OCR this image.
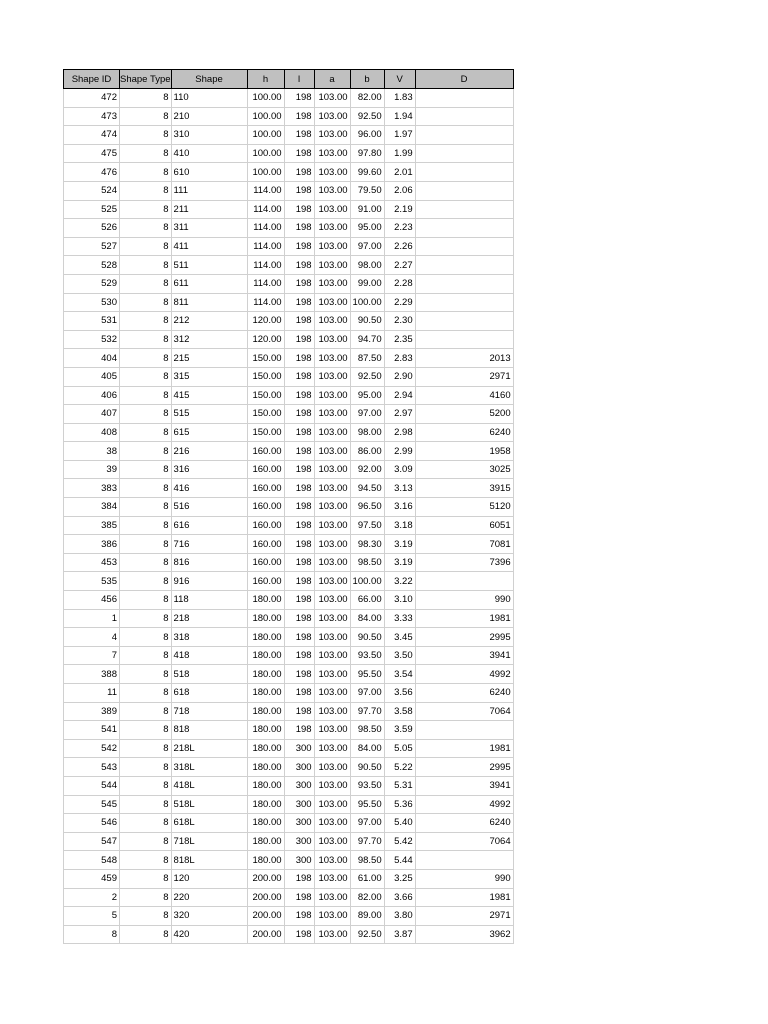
Shape ID	Shape Type	Shape	h	l	a	b	V	D
472	8	110	100.00	198	103.00	82.00	1.83	
473	8	210	100.00	198	103.00	92.50	1.94	
474	8	310	100.00	198	103.00	96.00	1.97	
475	8	410	100.00	198	103.00	97.80	1.99	
476	8	610	100.00	198	103.00	99.60	2.01	
524	8	111	114.00	198	103.00	79.50	2.06	
525	8	211	114.00	198	103.00	91.00	2.19	
526	8	311	114.00	198	103.00	95.00	2.23	
527	8	411	114.00	198	103.00	97.00	2.26	
528	8	511	114.00	198	103.00	98.00	2.27	
529	8	611	114.00	198	103.00	99.00	2.28	
530	8	811	114.00	198	103.00	100.00	2.29	
531	8	212	120.00	198	103.00	90.50	2.30	
532	8	312	120.00	198	103.00	94.70	2.35	
404	8	215	150.00	198	103.00	87.50	2.83	2013
405	8	315	150.00	198	103.00	92.50	2.90	2971
406	8	415	150.00	198	103.00	95.00	2.94	4160
407	8	515	150.00	198	103.00	97.00	2.97	5200
408	8	615	150.00	198	103.00	98.00	2.98	6240
38	8	216	160.00	198	103.00	86.00	2.99	1958
39	8	316	160.00	198	103.00	92.00	3.09	3025
383	8	416	160.00	198	103.00	94.50	3.13	3915
384	8	516	160.00	198	103.00	96.50	3.16	5120
385	8	616	160.00	198	103.00	97.50	3.18	6051
386	8	716	160.00	198	103.00	98.30	3.19	7081
453	8	816	160.00	198	103.00	98.50	3.19	7396
535	8	916	160.00	198	103.00	100.00	3.22	
456	8	118	180.00	198	103.00	66.00	3.10	990
1	8	218	180.00	198	103.00	84.00	3.33	1981
4	8	318	180.00	198	103.00	90.50	3.45	2995
7	8	418	180.00	198	103.00	93.50	3.50	3941
388	8	518	180.00	198	103.00	95.50	3.54	4992
11	8	618	180.00	198	103.00	97.00	3.56	6240
389	8	718	180.00	198	103.00	97.70	3.58	7064
541	8	818	180.00	198	103.00	98.50	3.59	
542	8	218L	180.00	300	103.00	84.00	5.05	1981
543	8	318L	180.00	300	103.00	90.50	5.22	2995
544	8	418L	180.00	300	103.00	93.50	5.31	3941
545	8	518L	180.00	300	103.00	95.50	5.36	4992
546	8	618L	180.00	300	103.00	97.00	5.40	6240
547	8	718L	180.00	300	103.00	97.70	5.42	7064
548	8	818L	180.00	300	103.00	98.50	5.44	
459	8	120	200.00	198	103.00	61.00	3.25	990
2	8	220	200.00	198	103.00	82.00	3.66	1981
5	8	320	200.00	198	103.00	89.00	3.80	2971
8	8	420	200.00	198	103.00	92.50	3.87	3962
